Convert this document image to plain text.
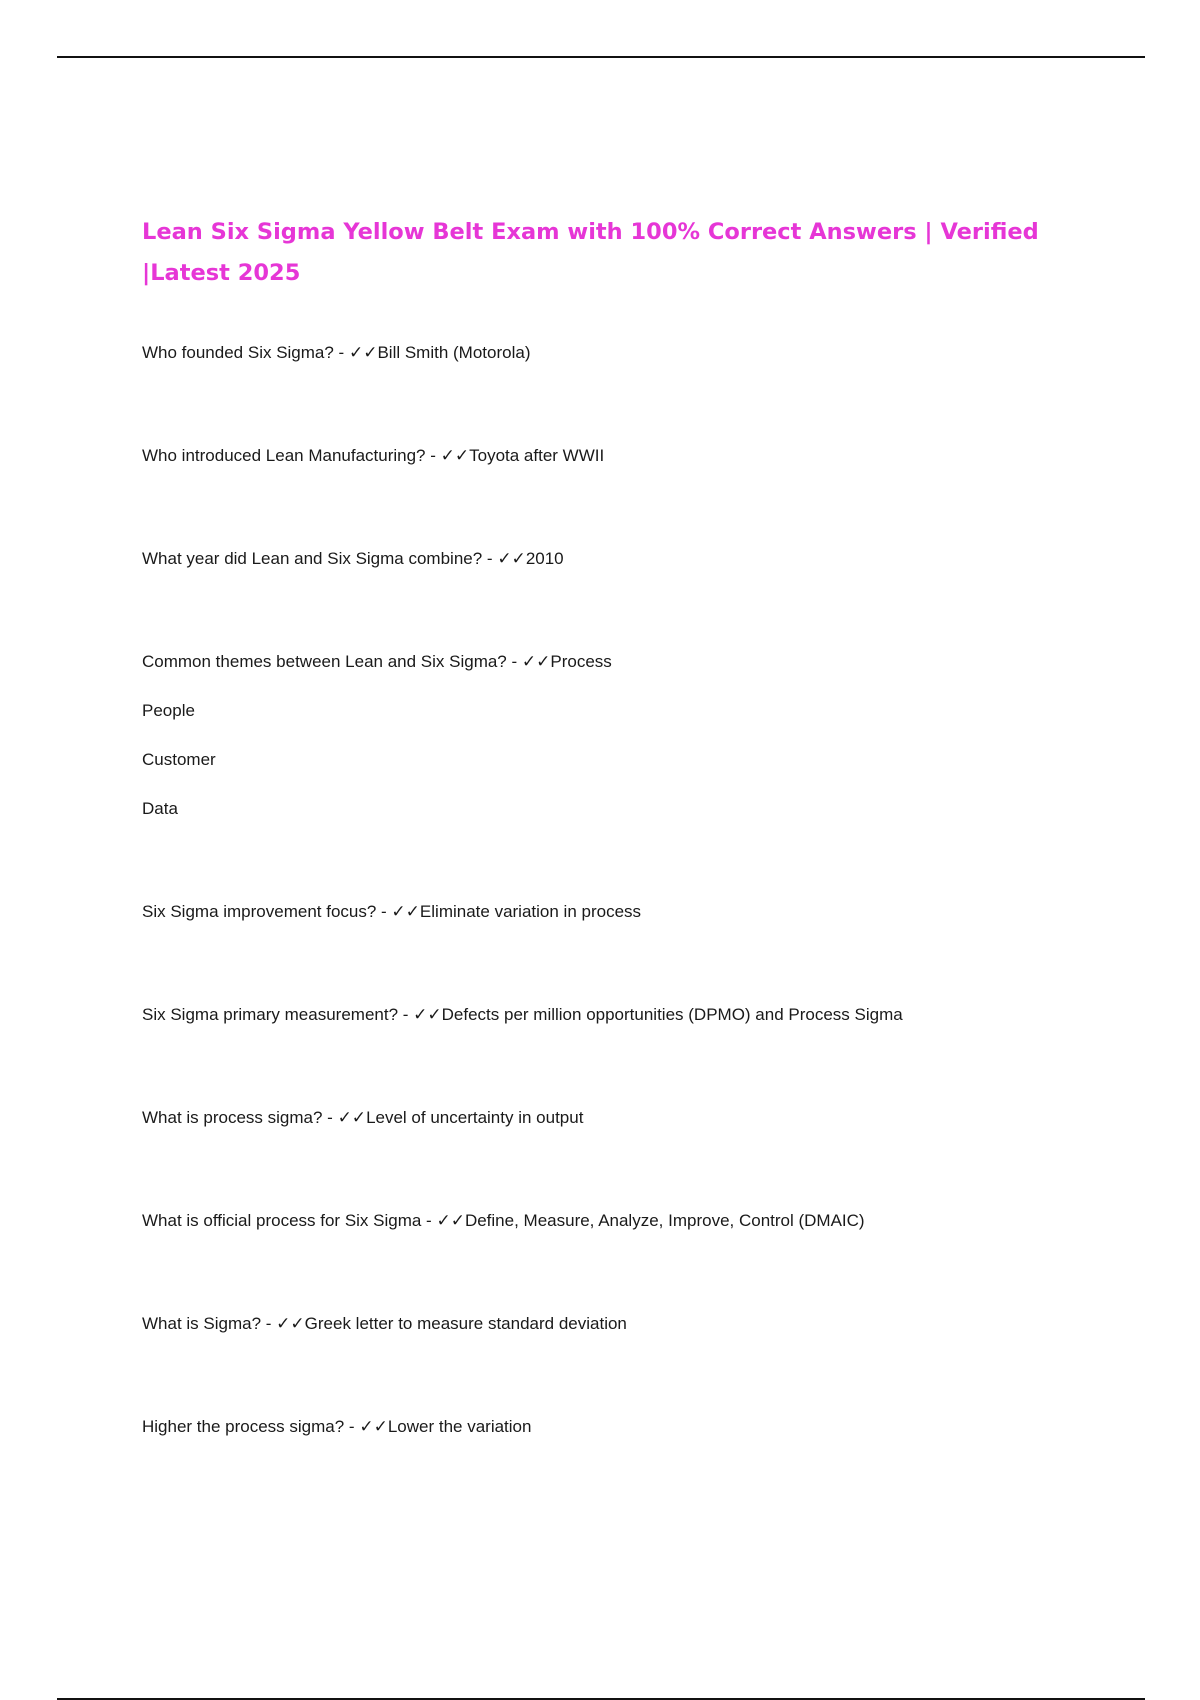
Lean Six Sigma Yellow Belt Exam with 100% Correct Answers | Verified |Latest 2025

Who founded Six Sigma? - ✓✓Bill Smith (Motorola)

Who introduced Lean Manufacturing? - ✓✓Toyota after WWII

What year did Lean and Six Sigma combine? - ✓✓2010

Common themes between Lean and Six Sigma? - ✓✓Process
People
Customer
Data

Six Sigma improvement focus? - ✓✓Eliminate variation in process

Six Sigma primary measurement? - ✓✓Defects per million opportunities (DPMO) and Process Sigma

What is process sigma? - ✓✓Level of uncertainty in output

What is official process for Six Sigma - ✓✓Define, Measure, Analyze, Improve, Control (DMAIC)

What is Sigma? - ✓✓Greek letter to measure standard deviation

Higher the process sigma? - ✓✓Lower the variation
